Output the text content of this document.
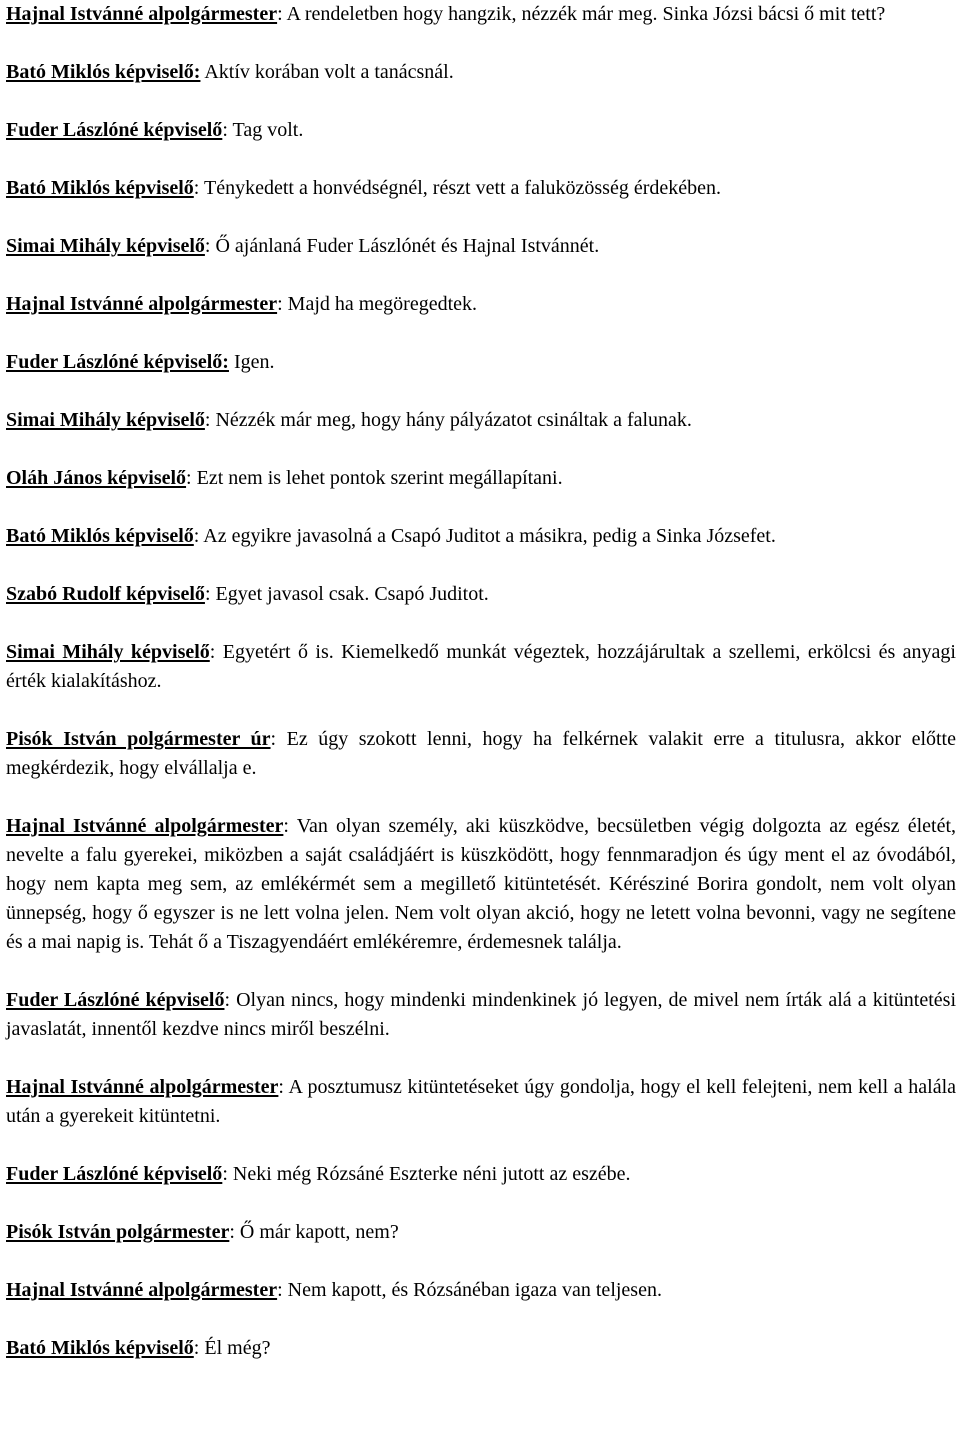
Hajnal Istvánné alpolgármester: A rendeletben hogy hangzik, nézzék már meg. Sinka Józsi bácsi ő mit tett?

Bató Miklós képviselő: Aktív korában volt a tanácsnál.

Fuder Lászlóné képviselő: Tag volt.

Bató Miklós képviselő: Ténykedett a honvédségnél, részt vett a faluközösség érdekében.

Simai Mihály képviselő: Ő ajánlaná Fuder Lászlónét és Hajnal Istvánnét.

Hajnal Istvánné alpolgármester: Majd ha megöregedtek.

Fuder Lászlóné képviselő: Igen.

Simai Mihály képviselő: Nézzék már meg, hogy hány pályázatot csináltak a falunak.

Oláh János képviselő: Ezt nem is lehet pontok szerint megállapítani.

Bató Miklós képviselő: Az egyikre javasolná a Csapó Juditot a másikra, pedig a Sinka Józsefet.

Szabó Rudolf képviselő: Egyet javasol csak. Csapó Juditot.

Simai Mihály képviselő: Egyetért ő is. Kiemelkedő munkát végeztek, hozzájárultak a szellemi, erkölcsi és anyagi érték kialakításhoz.

Pisók István polgármester úr: Ez úgy szokott lenni, hogy ha felkérnek valakit erre a titulusra, akkor előtte megkérdezik, hogy elvállalja e.

Hajnal Istvánné alpolgármester: Van olyan személy, aki küszködve, becsületben végig dolgozta az egész életét, nevelte a falu gyerekei, miközben a saját családjáért is küszködött, hogy fennmaradjon és úgy ment el az óvodából, hogy nem kapta meg sem, az emlékérmét sem a megillető kitüntetését. Kérésziné Borira gondolt, nem volt olyan ünnepség, hogy ő egyszer is ne lett volna jelen. Nem volt olyan akció, hogy ne letett volna bevonni, vagy ne segítene és a mai napig is. Tehát ő a Tiszagyendáért emlékéremre, érdemesnek találja.

Fuder Lászlóné képviselő: Olyan nincs, hogy mindenki mindenkinek jó legyen, de mivel nem írták alá a kitüntetési javaslatát, innentől kezdve nincs miről beszélni.

Hajnal Istvánné alpolgármester: A posztumusz kitüntetéseket úgy gondolja, hogy el kell felejteni, nem kell a halála után a gyerekeit kitüntetni.

Fuder Lászlóné képviselő: Neki még Rózsáné Eszterke néni jutott az eszébe.

Pisók István polgármester: Ő már kapott, nem?

Hajnal Istvánné alpolgármester: Nem kapott, és Rózsánéban igaza van teljesen.

Bató Miklós képviselő: Él még?
